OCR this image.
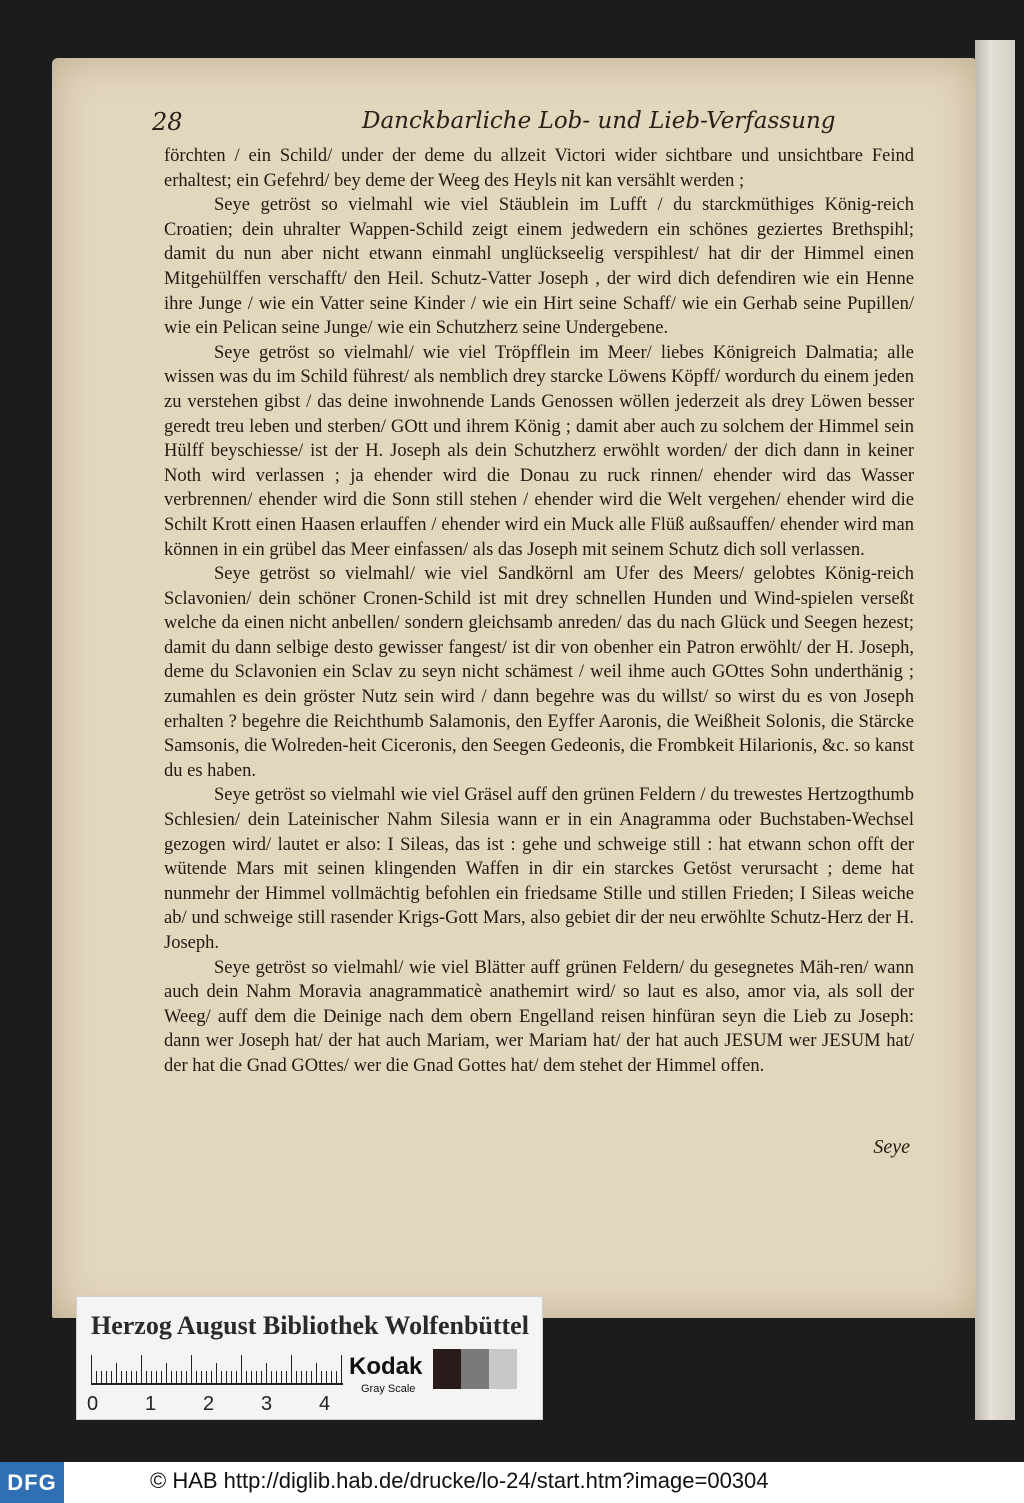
28	Danckbarliche Lob- und Lieb-Verfassung

förchten / ein Schild/ under der deme du allzeit Victori wider sichtbare und unsichtbare Feind erhaltest; ein Gefehrd/ bey deme der Weeg des Heyls nit kan versählt werden ;

Seye getröst so vielmahl wie viel Stäublein im Lufft / du starckmüthiges König-reich Croatien; dein uhralter Wappen-Schild zeigt einem jedwedern ein schönes geziertes Brethspihl; damit du nun aber nicht etwann einmahl unglückseelig verspihlest/ hat dir der Himmel einen Mitgehülffen verschafft/ den Heil. Schutz-Vatter Joseph , der wird dich defendiren wie ein Henne ihre Junge / wie ein Vatter seine Kinder / wie ein Hirt seine Schaff/ wie ein Gerhab seine Pupillen/ wie ein Pelican seine Junge/ wie ein Schutzherz seine Undergebene.

Seye getröst so vielmahl/ wie viel Tröpfflein im Meer/ liebes Königreich Dalmatia; alle wissen was du im Schild führest/ als nemblich drey starcke Löwens Köpff/ wordurch du einem jeden zu verstehen gibst / das deine inwohnende Lands Genossen wöllen jederzeit als drey Löwen besser geredt treu leben und sterben/ GOtt und ihrem König ; damit aber auch zu solchem der Himmel sein Hülff beyschiesse/ ist der H. Joseph als dein Schutzherz erwöhlt worden/ der dich dann in keiner Noth wird verlassen ; ja ehender wird die Donau zu ruck rinnen/ ehender wird das Wasser verbrennen/ ehender wird die Sonn still stehen / ehender wird die Welt vergehen/ ehender wird die Schilt Krott einen Haasen erlauffen / ehender wird ein Muck alle Flüß außsauffen/ ehender wird man können in ein grübel das Meer einfassen/ als das Joseph mit seinem Schutz dich soll verlassen.

Seye getröst so vielmahl/ wie viel Sandkörnl am Ufer des Meers/ gelobtes König-reich Sclavonien/ dein schöner Cronen-Schild ist mit drey schnellen Hunden und Wind-spielen verseßt welche da einen nicht anbellen/ sondern gleichsamb anreden/ das du nach Glück und Seegen hezest; damit du dann selbige desto gewisser fangest/ ist dir von obenher ein Patron erwöhlt/ der H. Joseph, deme du Sclavonien ein Sclav zu seyn nicht schämest / weil ihme auch GOttes Sohn underthänig ; zumahlen es dein gröster Nutz sein wird / dann begehre was du willst/ so wirst du es von Joseph erhalten ? begehre die Reichthumb Salamonis, den Eyffer Aaronis, die Weißheit Solonis, die Stärcke Samsonis, die Wolreden-heit Ciceronis, den Seegen Gedeonis, die Frombkeit Hilarionis, &c. so kanst du es haben.

Seye getröst so vielmahl wie viel Gräsel auff den grünen Feldern / du trewestes Hertzogthumb Schlesien/ dein Lateinischer Nahm Silesia wann er in ein Anagramma oder Buchstaben-Wechsel gezogen wird/ lautet er also: I Sileas, das ist : gehe und schweige still : hat etwann schon offt der wütende Mars mit seinen klingenden Waffen in dir ein starckes Getöst verursacht ; deme hat nunmehr der Himmel vollmächtig befohlen ein friedsame Stille und stillen Frieden; I Sileas weiche ab/ und schweige still rasender Krigs-Gott Mars, also gebiet dir der neu erwöhlte Schutz-Herz der H. Joseph.

Seye getröst so vielmahl/ wie viel Blätter auff grünen Feldern/ du gesegnetes Mäh-ren/ wann auch dein Nahm Moravia anagrammaticè anathemirt wird/ so laut es also, amor via, als soll der Weeg/ auff dem die Deinige nach dem obern Engelland reisen hinfüran seyn die Lieb zu Joseph: dann wer Joseph hat/ der hat auch Mariam, wer Mariam hat/ der hat auch JESUM wer JESUM hat/ der hat die Gnad GOttes/ wer die Gnad Gottes hat/ dem stehet der Himmel offen.

Seye
Herzog August Bibliothek Wolfenbüttel
0 1 2 3 4
Kodak
Gray Scale
DFG	© HAB http://diglib.hab.de/drucke/lo-24/start.htm?image=00304
